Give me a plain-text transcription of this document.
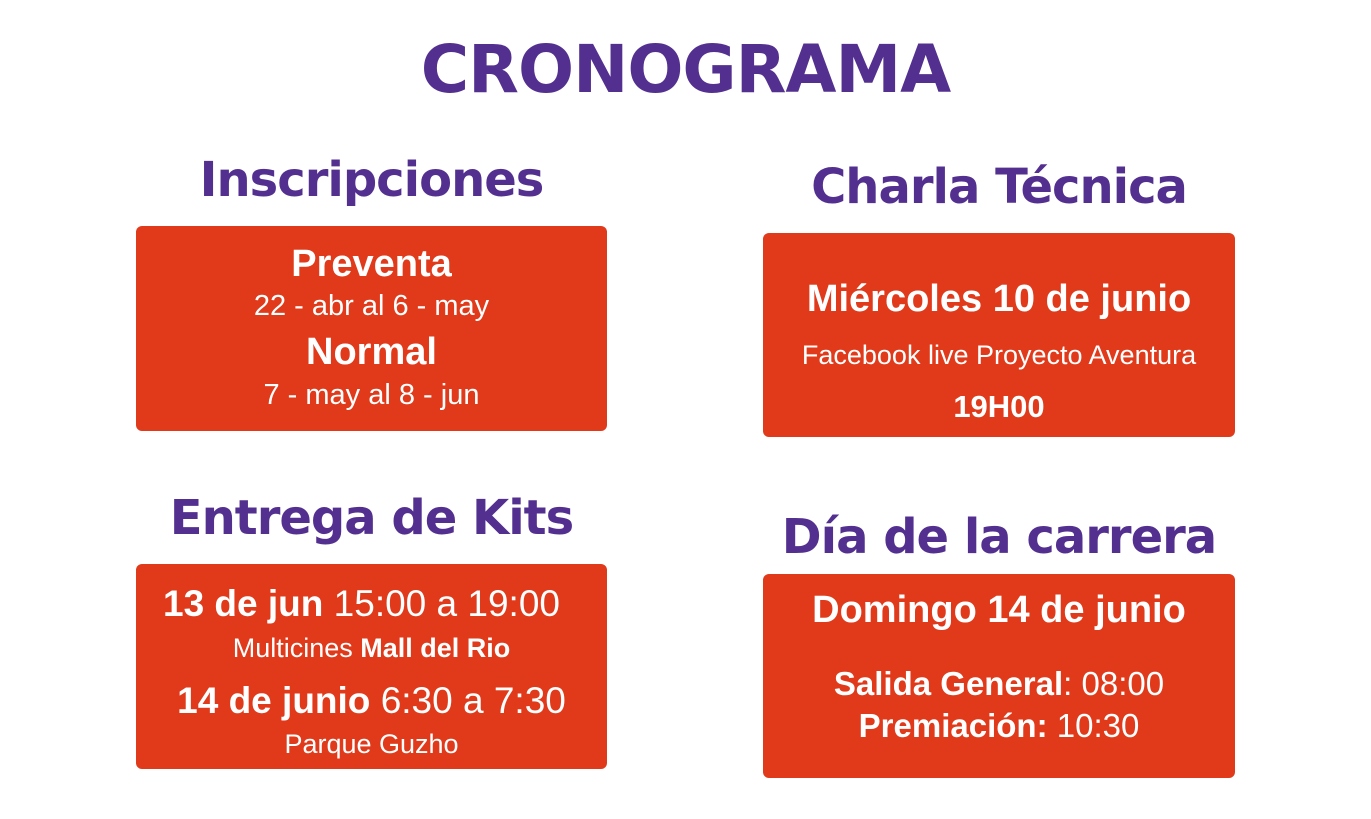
CRONOGRAMA
Inscripciones
Preventa
22 - abr al 6 - may
Normal
7 - may al 8 - jun
Charla Técnica
Miércoles 10 de junio
Facebook live Proyecto Aventura
19H00
Entrega de Kits
13 de jun 15:00 a 19:00
Multicines Mall del Rio
14 de junio 6:30 a 7:30
Parque Guzho
Día de la carrera
Domingo 14 de junio
Salida General: 08:00
Premiación: 10:30
